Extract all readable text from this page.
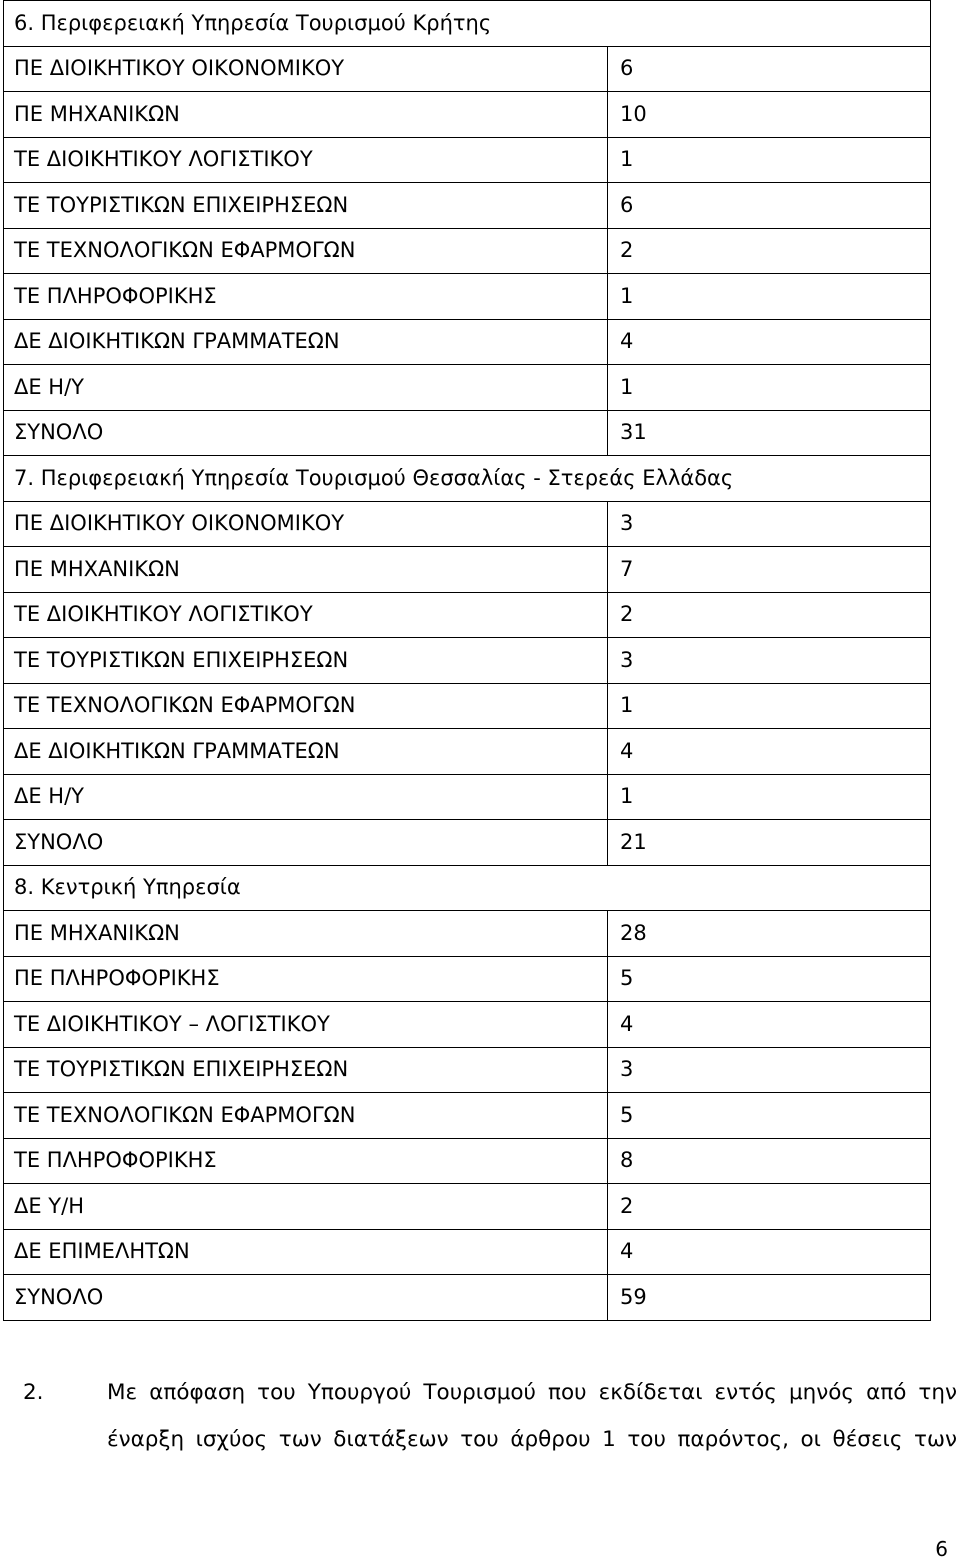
6. Περιφερειακή Υπηρεσία Τουρισμού Κρήτης	
ΠΕ ΔΙΟΙΚΗΤΙΚΟΥ ΟΙΚΟΝΟΜΙΚΟΥ	6
ΠΕ ΜΗΧΑΝΙΚΩΝ	10
ΤΕ ΔΙΟΙΚΗΤΙΚΟΥ ΛΟΓΙΣΤΙΚΟΥ	1
ΤΕ ΤΟΥΡΙΣΤΙΚΩΝ ΕΠΙΧΕΙΡΗΣΕΩΝ	6
ΤΕ ΤΕΧΝΟΛΟΓΙΚΩΝ ΕΦΑΡΜΟΓΩΝ	2
ΤΕ ΠΛΗΡΟΦΟΡΙΚΗΣ	1
ΔΕ ΔΙΟΙΚΗΤΙΚΩΝ ΓΡΑΜΜΑΤΕΩΝ	4
ΔΕ Η/Υ	1
ΣΥΝΟΛΟ	31
7. Περιφερειακή Υπηρεσία Τουρισμού Θεσσαλίας - Στερεάς Ελλάδας	
ΠΕ ΔΙΟΙΚΗΤΙΚΟΥ ΟΙΚΟΝΟΜΙΚΟΥ	3
ΠΕ ΜΗΧΑΝΙΚΩΝ	7
ΤΕ ΔΙΟΙΚΗΤΙΚΟΥ ΛΟΓΙΣΤΙΚΟΥ	2
ΤΕ ΤΟΥΡΙΣΤΙΚΩΝ ΕΠΙΧΕΙΡΗΣΕΩΝ	3
ΤΕ ΤΕΧΝΟΛΟΓΙΚΩΝ ΕΦΑΡΜΟΓΩΝ	1
ΔΕ ΔΙΟΙΚΗΤΙΚΩΝ ΓΡΑΜΜΑΤΕΩΝ	4
ΔΕ Η/Υ	1
ΣΥΝΟΛΟ	21
8. Κεντρική Υπηρεσία	
ΠΕ ΜΗΧΑΝΙΚΩΝ	28
ΠΕ ΠΛΗΡΟΦΟΡΙΚΗΣ	5
ΤΕ ΔΙΟΙΚΗΤΙΚΟΥ – ΛΟΓΙΣΤΙΚΟΥ	4
ΤΕ ΤΟΥΡΙΣΤΙΚΩΝ ΕΠΙΧΕΙΡΗΣΕΩΝ	3
ΤΕ ΤΕΧΝΟΛΟΓΙΚΩΝ ΕΦΑΡΜΟΓΩΝ	5
ΤΕ ΠΛΗΡΟΦΟΡΙΚΗΣ	8
ΔΕ Υ/Η	2
ΔΕ ΕΠΙΜΕΛΗΤΩΝ	4
ΣΥΝΟΛΟ	59
2.	Με απόφαση του Υπουργού Τουρισμού που εκδίδεται εντός μηνός από την
έναρξη ισχύος των διατάξεων του άρθρου 1 του παρόντος, οι θέσεις των
6
